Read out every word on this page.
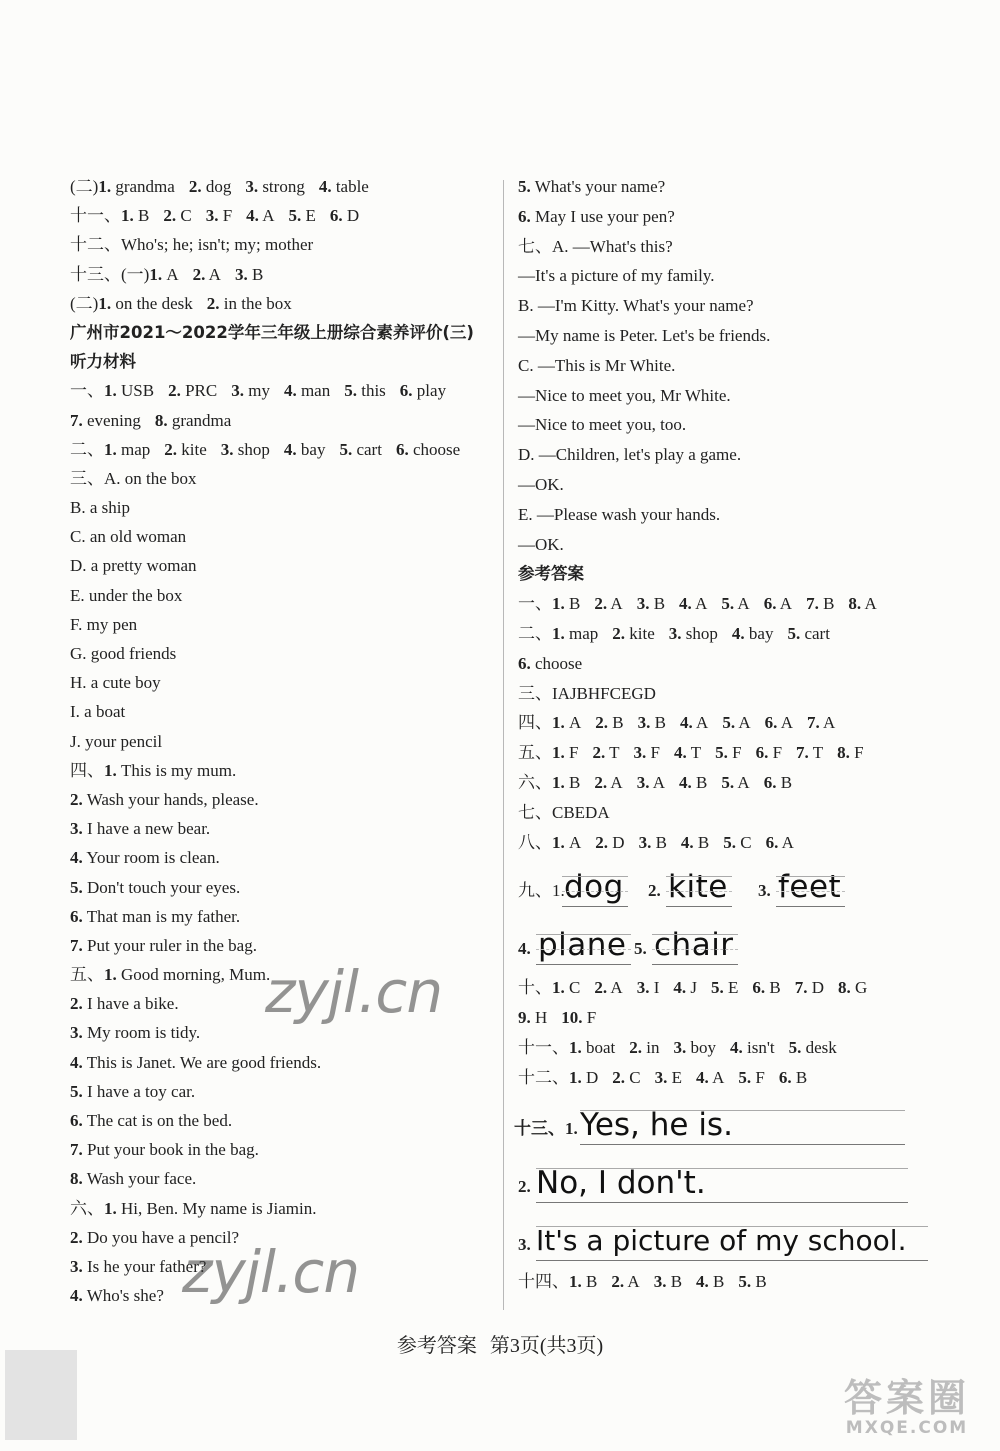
(二)1. grandma 2. dog 3. strong 4. table
十一、1. B 2. C 3. F 4. A 5. E 6. D
十二、Who's; he; isn't; my; mother
十三、(一)1. A 2. A 3. B
(二)1. on the desk 2. in the box
广州市2021～2022学年三年级上册综合素养评价(三)
听力材料
一、1. USB 2. PRC 3. my 4. man 5. this 6. play
7. evening 8. grandma
二、1. map 2. kite 3. shop 4. bay 5. cart 6. choose
三、A. on the box
B. a ship
C. an old woman
D. a pretty woman
E. under the box
F. my pen
G. good friends
H. a cute boy
I. a boat
J. your pencil
四、1. This is my mum.
2. Wash your hands, please.
3. I have a new bear.
4. Your room is clean.
5. Don't touch your eyes.
6. That man is my father.
7. Put your ruler in the bag.
五、1. Good morning, Mum.
2. I have a bike.
3. My room is tidy.
4. This is Janet. We are good friends.
5. I have a toy car.
6. The cat is on the bed.
7. Put your book in the bag.
8. Wash your face.
六、1. Hi, Ben. My name is Jiamin.
2. Do you have a pencil?
3. Is he your father?
4. Who's she?
5. What's your name?
6. May I use your pen?
七、A. —What's this?
—It's a picture of my family.
B. —I'm Kitty. What's your name?
—My name is Peter. Let's be friends.
C. —This is Mr White.
—Nice to meet you, Mr White.
—Nice to meet you, too.
D. —Children, let's play a game.
—OK.
E. —Please wash your hands.
—OK.
参考答案
一、1. B 2. A 3. B 4. A 5. A 6. A 7. B 8. A
二、1. map 2. kite 3. shop 4. bay 5. cart
6. choose
三、IAJBHFCEGD
四、1. A 2. B 3. B 4. A 5. A 6. A 7. A
五、1. F 2. T 3. F 4. T 5. F 6. F 7. T 8. F
六、1. B 2. A 3. A 4. B 5. A 6. B
七、CBEDA
八、1. A 2. D 3. B 4. B 5. C 6. A
九、1. dog 2. kite 3. feet
4. plane 5. chair
十、1. C 2. A 3. I 4. J 5. E 6. B 7. D 8. G
9. H 10. F
十一、1. boat 2. in 3. boy 4. isn't 5. desk
十二、1. D 2. C 3. E 4. A 5. F 6. B
十三、1. Yes, he is.
2. No, I don't.
3. It's a picture of my school.
十四、1. B 2. A 3. B 4. B 5. B
zyjl.cn
zyjl.cn
参考答案 第3页(共3页)
答案圈
MXQE.COM
